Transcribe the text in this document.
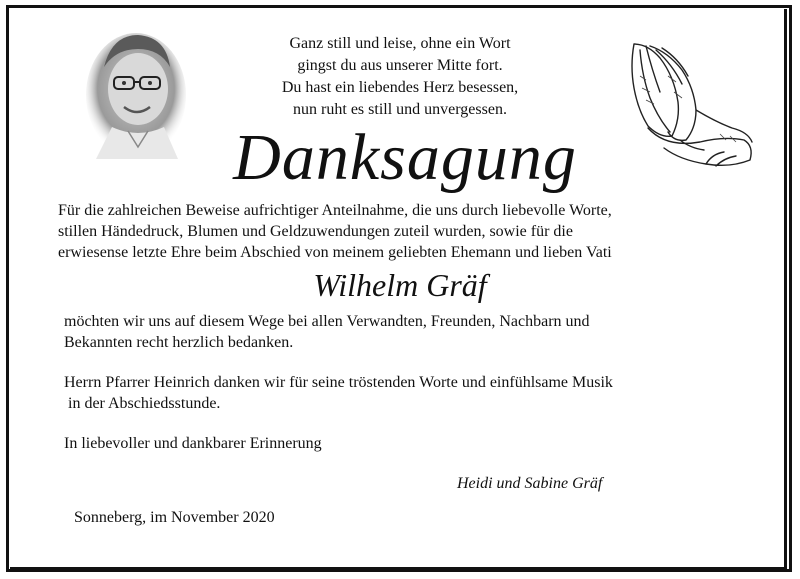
Ganz still und leise, ohne ein Wort
gingst du aus unserer Mitte fort.
Du hast ein liebendes Herz besessen,
nun ruht es still und unvergessen.
Danksagung
Für die zahlreichen Beweise aufrichtiger Anteilnahme, die uns durch liebevolle Worte,
stillen Händedruck, Blumen und Geldzuwendungen zuteil wurden, sowie für die
erwiesense letzte Ehre beim Abschied von meinem geliebten Ehemann und lieben Vati
Wilhelm Gräf
möchten wir uns auf diesem Wege bei allen Verwandten, Freunden, Nachbarn und
Bekannten recht herzlich bedanken.
Herrn Pfarrer Heinrich danken wir für seine tröstenden Worte und einfühlsame Musik
in der Abschiedsstunde.
In liebevoller und dankbarer Erinnerung
Heidi und Sabine Gräf
Sonneberg, im November 2020
